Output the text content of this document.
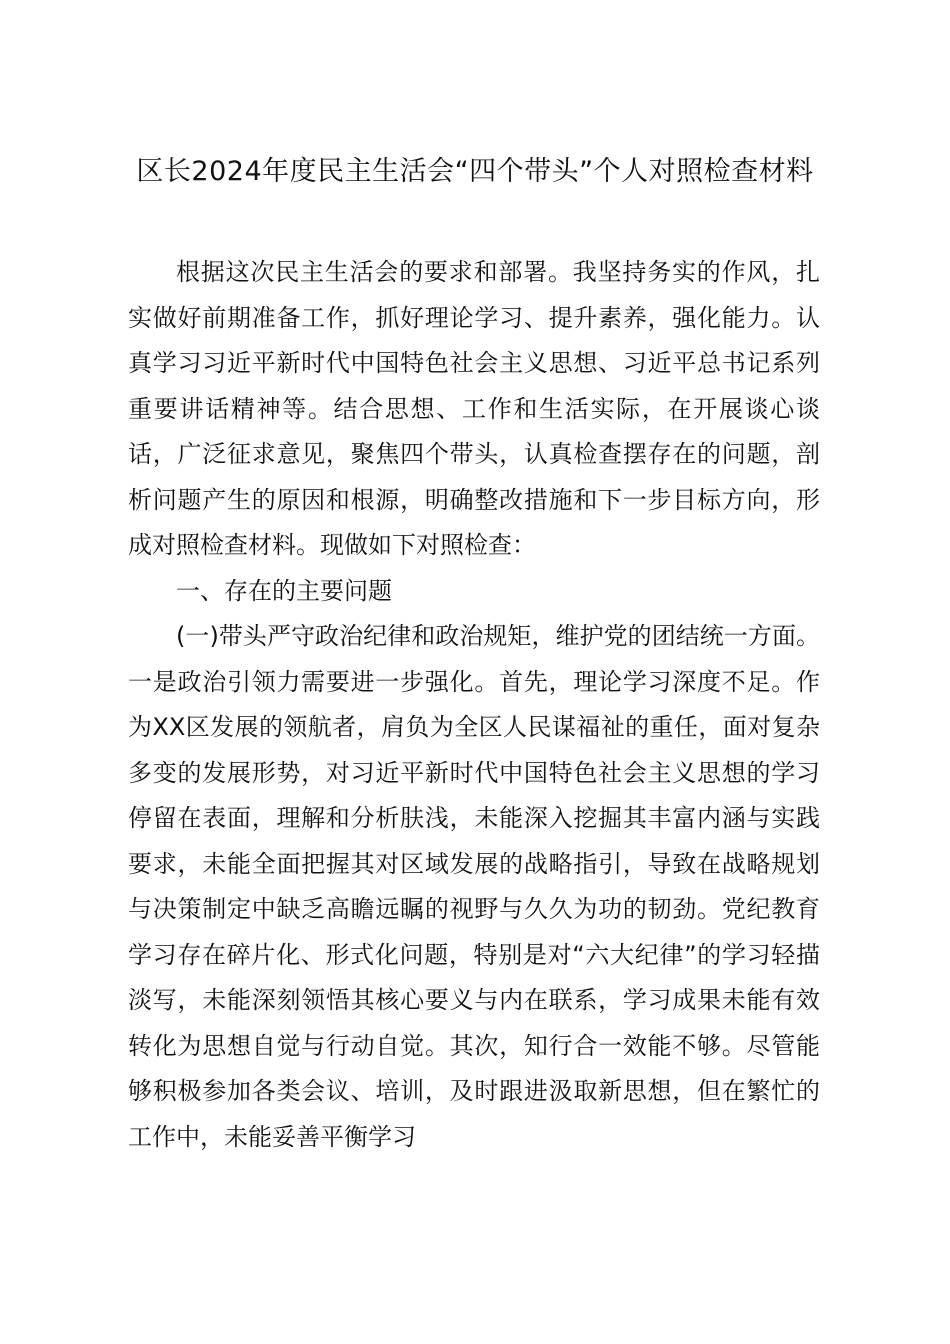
区长2024年度民主生活会“四个带头”个人对照检查材料

根据这次民主生活会的要求和部署。我坚持务实的作风，扎实做好前期准备工作，抓好理论学习、提升素养，强化能力。认真学习习近平新时代中国特色社会主义思想、习近平总书记系列重要讲话精神等。结合思想、工作和生活实际，在开展谈心谈话，广泛征求意见，聚焦四个带头，认真检查摆存在的问题，剖析问题产生的原因和根源，明确整改措施和下一步目标方向，形成对照检查材料。现做如下对照检查：

一、存在的主要问题

(一)带头严守政治纪律和政治规矩，维护党的团结统一方面。一是政治引领力需要进一步强化。首先，理论学习深度不足。作为XX区发展的领航者，肩负为全区人民谋福祉的重任，面对复杂多变的发展形势，对习近平新时代中国特色社会主义思想的学习停留在表面，理解和分析肤浅，未能深入挖掘其丰富内涵与实践要求，未能全面把握其对区域发展的战略指引，导致在战略规划与决策制定中缺乏高瞻远瞩的视野与久久为功的韧劲。党纪教育学习存在碎片化、形式化问题，特别是对“六大纪律”的学习轻描淡写，未能深刻领悟其核心要义与内在联系，学习成果未能有效转化为思想自觉与行动自觉。其次，知行合一效能不够。尽管能够积极参加各类会议、培训，及时跟进汲取新思想，但在繁忙的工作中，未能妥善平衡学习
